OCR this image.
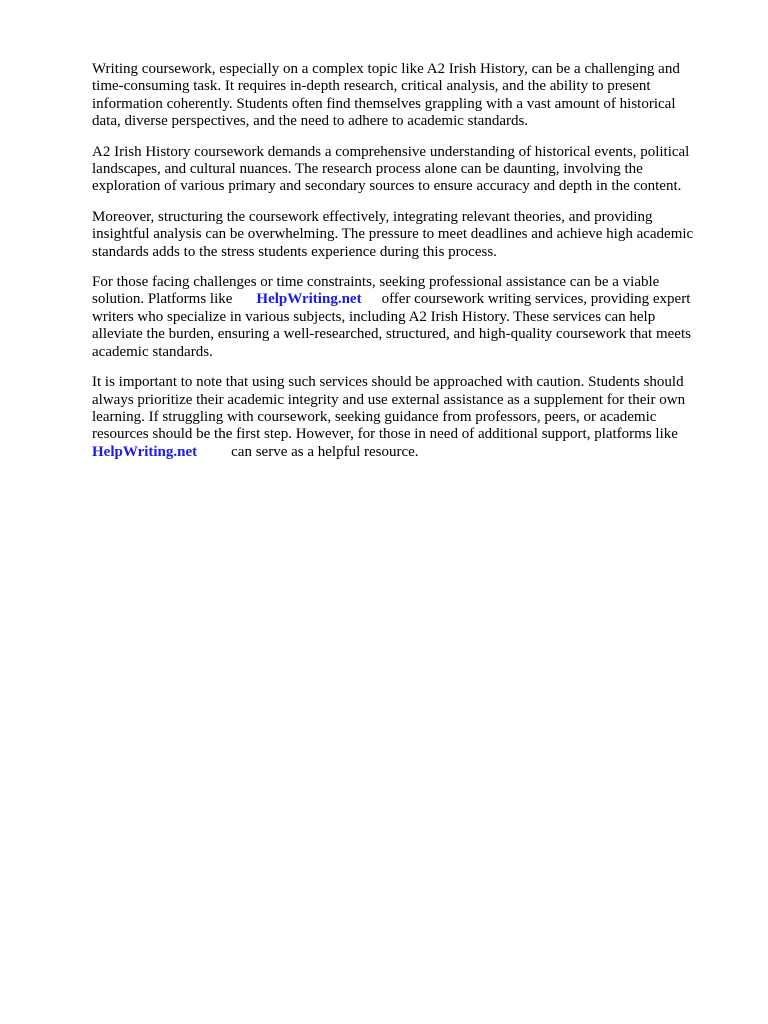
Writing coursework, especially on a complex topic like A2 Irish History, can be a challenging and
time-consuming task. It requires in-depth research, critical analysis, and the ability to present
information coherently. Students often find themselves grappling with a vast amount of historical
data, diverse perspectives, and the need to adhere to academic standards.

A2 Irish History coursework demands a comprehensive understanding of historical events, political
landscapes, and cultural nuances. The research process alone can be daunting, involving the
exploration of various primary and secondary sources to ensure accuracy and depth in the content.

Moreover, structuring the coursework effectively, integrating relevant theories, and providing
insightful analysis can be overwhelming. The pressure to meet deadlines and achieve high academic
standards adds to the stress students experience during this process.

For those facing challenges or time constraints, seeking professional assistance can be a viable
solution. Platforms like HelpWriting.net offer coursework writing services, providing expert
writers who specialize in various subjects, including A2 Irish History. These services can help
alleviate the burden, ensuring a well-researched, structured, and high-quality coursework that meets
academic standards.

It is important to note that using such services should be approached with caution. Students should
always prioritize their academic integrity and use external assistance as a supplement for their own
learning. If struggling with coursework, seeking guidance from professors, peers, or academic
resources should be the first step. However, for those in need of additional support, platforms like
HelpWriting.net can serve as a helpful resource.
